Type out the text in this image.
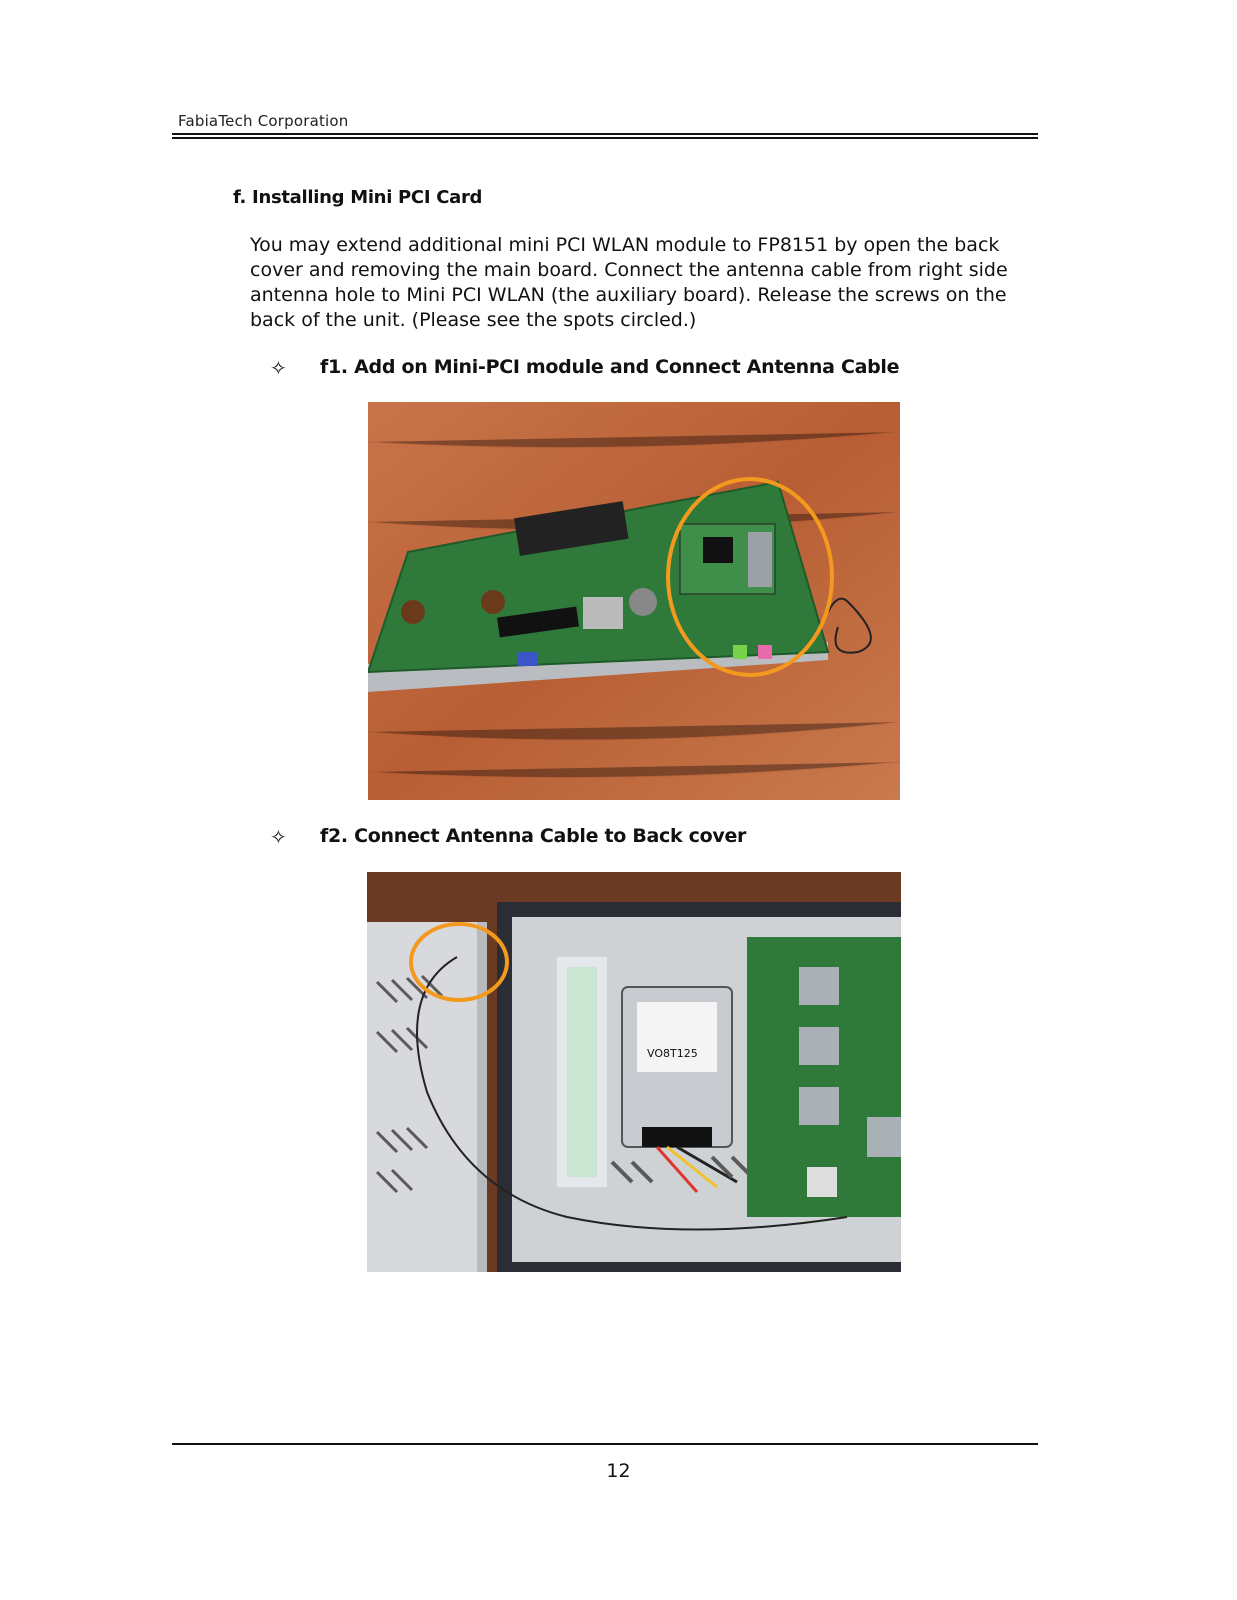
FabiaTech Corporation
f. Installing Mini PCI Card
You may extend additional mini PCI WLAN module to FP8151 by open the back cover and removing the main board. Connect the antenna cable from right side antenna hole to Mini PCI WLAN (the auxiliary board). Release the screws on the back of the unit. (Please see the spots circled.)
✧ f1. Add on Mini-PCI module and Connect Antenna Cable
✧ f2. Connect Antenna Cable to Back cover
VO8T125
12
